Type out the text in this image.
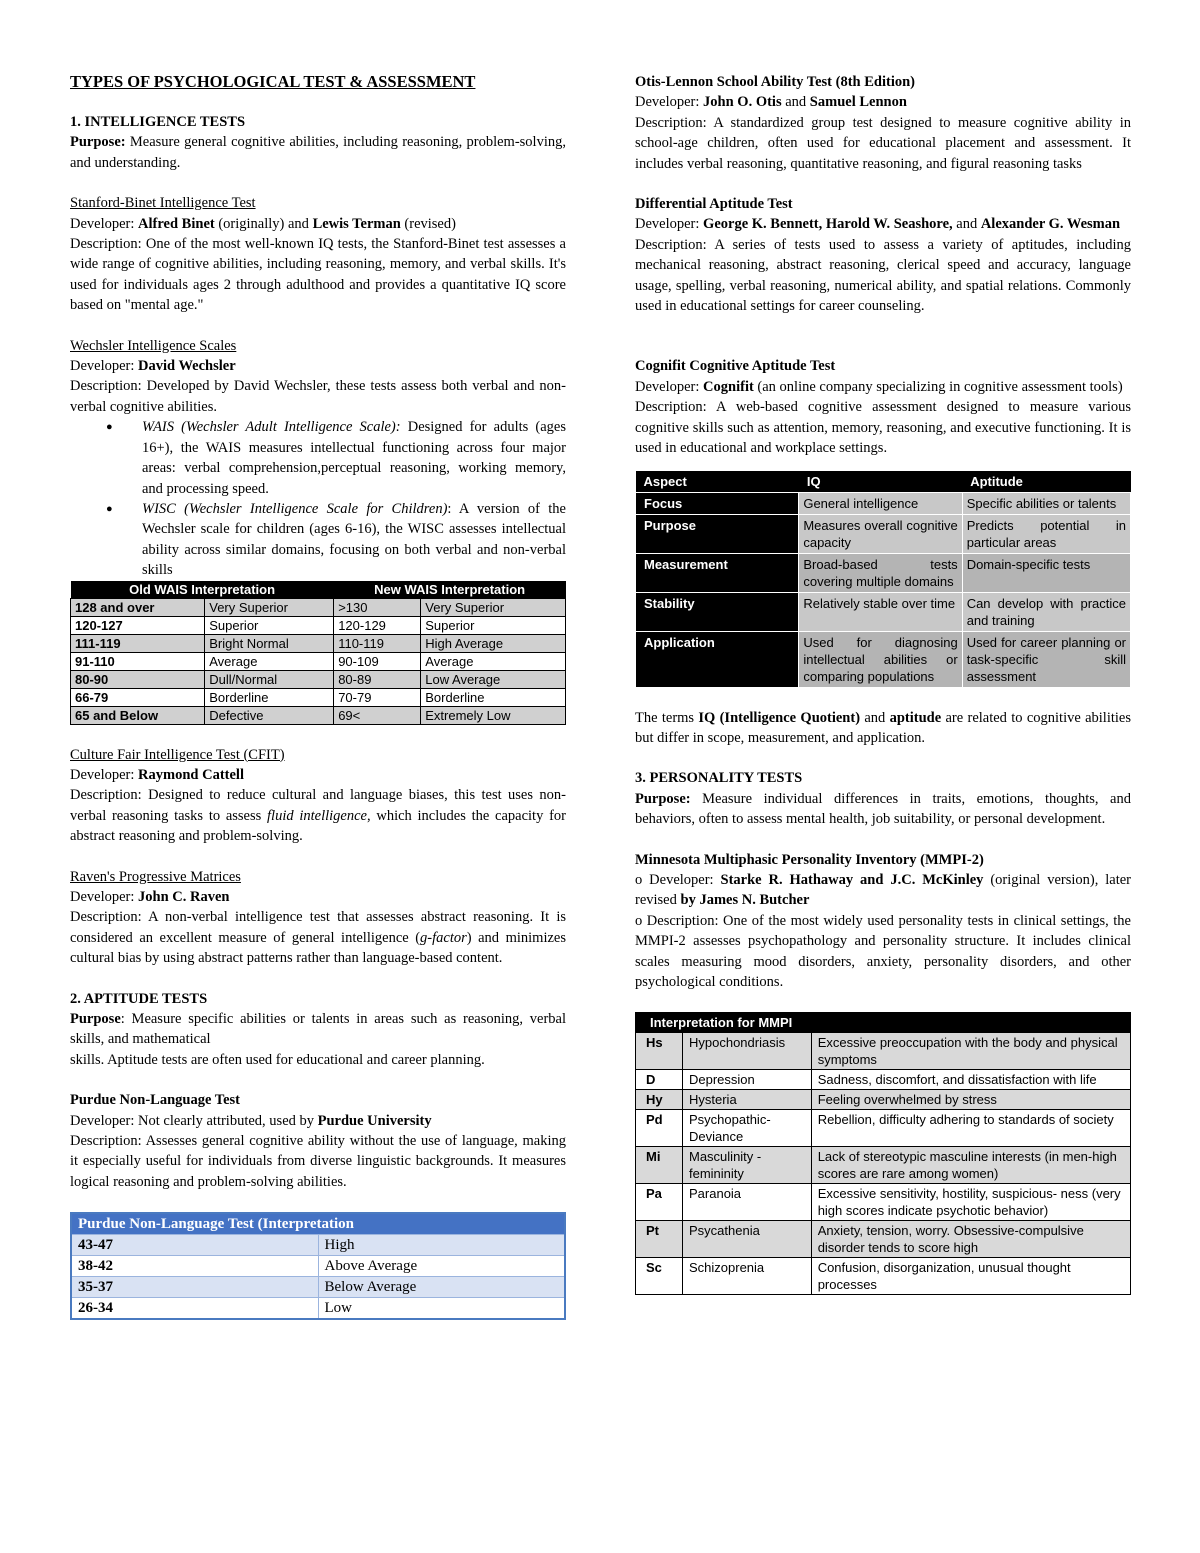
TYPES OF PSYCHOLOGICAL TEST & ASSESSMENT

1. INTELLIGENCE TESTS

Purpose: Measure general cognitive abilities, including reasoning, problem-solving, and understanding.

Stanford-Binet Intelligence Test

Developer: Alfred Binet (originally) and Lewis Terman (revised)

Description: One of the most well-known IQ tests, the Stanford-Binet test assesses a wide range of cognitive abilities, including reasoning, memory, and verbal skills. It's used for individuals ages 2 through adulthood and provides a quantitative IQ score based on "mental age."

Wechsler Intelligence Scales

Developer: David Wechsler

Description: Developed by David Wechsler, these tests assess both verbal and non-verbal cognitive abilities.

● WAIS (Wechsler Adult Intelligence Scale): Designed for adults (ages 16+), the WAIS measures intellectual functioning across four major areas: verbal comprehension,perceptual reasoning, working memory, and processing speed.
● WISC (Wechsler Intelligence Scale for Children): A version of the Wechsler scale for children (ages 6-16), the WISC assesses intellectual ability across similar domains, focusing on both verbal and non-verbal skills
Old WAIS Interpretation		New WAIS Interpretation	
128 and over	Very Superior	>130	Very Superior
120-127	Superior	120-129	Superior
111-119	Bright Normal	110-119	High Average
91-110	Average	90-109	Average
80-90	Dull/Normal	80-89	Low Average
66-79	Borderline	70-79	Borderline
65 and Below	Defective	69<	Extremely Low

Culture Fair Intelligence Test (CFIT)

Developer: Raymond Cattell

Description: Designed to reduce cultural and language biases, this test uses non-verbal reasoning tasks to assess fluid intelligence, which includes the capacity for abstract reasoning and problem-solving.

Raven's Progressive Matrices

Developer: John C. Raven

Description: A non-verbal intelligence test that assesses abstract reasoning. It is considered an excellent measure of general intelligence (g-factor) and minimizes cultural bias by using abstract patterns rather than language-based content.

2. APTITUDE TESTS

Purpose: Measure specific abilities or talents in areas such as reasoning, verbal skills, and mathematical

skills. Aptitude tests are often used for educational and career planning.

Purdue Non-Language Test

Developer: Not clearly attributed, used by Purdue University

Description: Assesses general cognitive ability without the use of language, making it especially useful for individuals from diverse linguistic backgrounds. It measures logical reasoning and problem-solving abilities.

Purdue Non-Language Test (Interpretation	
43-47	High
38-42	Above Average
35-37	Below Average
26-34	Low

Otis-Lennon School Ability Test (8th Edition)

Developer: John O. Otis and Samuel Lennon

Description: A standardized group test designed to measure cognitive ability in school-age children, often used for educational placement and assessment. It includes verbal reasoning, quantitative reasoning, and figural reasoning tasks

Differential Aptitude Test

Developer: George K. Bennett, Harold W. Seashore, and Alexander G. Wesman

Description: A series of tests used to assess a variety of aptitudes, including mechanical reasoning, abstract reasoning, clerical speed and accuracy, language usage, spelling, verbal reasoning, numerical ability, and spatial relations. Commonly used in educational settings for career counseling.

Cognifit Cognitive Aptitude Test

Developer: Cognifit (an online company specializing in cognitive assessment tools)

Description: A web-based cognitive assessment designed to measure various cognitive skills such as attention, memory, reasoning, and executive functioning. It is used in educational and workplace settings.

Aspect	IQ	Aptitude
Focus	General intelligence	Specific abilities or talents
Purpose	Measures overall cognitive capacity	Predicts potential in particular areas
Measurement	Broad-based tests covering multiple domains	Domain-specific tests
Stability	Relatively stable over time	Can develop with practice and training
Application	Used for diagnosing intellectual abilities or comparing populations	Used for career planning or task-specific skill assessment

The terms IQ (Intelligence Quotient) and aptitude are related to cognitive abilities but differ in scope, measurement, and application.

3. PERSONALITY TESTS

Purpose: Measure individual differences in traits, emotions, thoughts, and behaviors, often to assess mental health, job suitability, or personal development.

Minnesota Multiphasic Personality Inventory (MMPI-2)

o Developer: Starke R. Hathaway and J.C. McKinley (original version), later revised by James N. Butcher

o Description: One of the most widely used personality tests in clinical settings, the MMPI-2 assesses psychopathology and personality structure. It includes clinical scales measuring mood disorders, anxiety, personality disorders, and other psychological conditions.

Interpretation for MMPI		
Hs	Hypochondriasis	Excessive preoccupation with the body and physical symptoms
D	Depression	Sadness, discomfort, and dissatisfaction with life
Hy	Hysteria	Feeling overwhelmed by stress
Pd	Psychopathic-Deviance	Rebellion, difficulty adhering to standards of society
Mi	Masculinity - femininity	Lack of stereotypic masculine interests (in men-high scores are rare among women)
Pa	Paranoia	Excessive sensitivity, hostility, suspicious- ness (very high scores indicate psychotic behavior)
Pt	Psycathenia	Anxiety, tension, worry. Obsessive-compulsive disorder tends to score high
Sc	Schizoprenia	Confusion, disorganization, unusual thought processes
